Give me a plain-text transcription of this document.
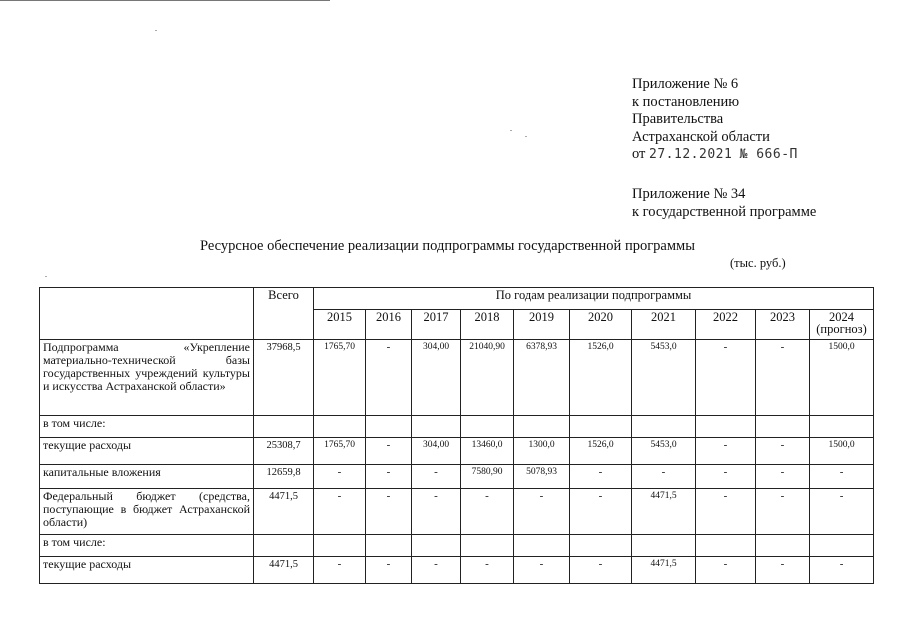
Приложение № 6
к постановлению
Правительства
Астраханской области
от 27.12.2021 № 666-П
Приложение № 34
к государственной программе
Ресурсное обеспечение реализации подпрограммы государственной программы
(тыс. руб.)
	Всего	По годам реализации подпрограммы									
		2015	2016	2017	2018	2019	2020	2021	2022	2023	2024 (прогноз)
Подпрограмма «Укрепление материально-технической базы государственных учреждений культуры и искусства Астраханской области»	37968,5	1765,70	-	304,00	21040,90	6378,93	1526,0	5453,0	-	-	1500,0
в том числе:											
текущие расходы	25308,7	1765,70	-	304,00	13460,0	1300,0	1526,0	5453,0	-	-	1500,0
капитальные вложения	12659,8	-	-	-	7580,90	5078,93	-	-	-	-	-
Федеральный бюджет (средства, поступающие в бюджет Астраханской области)	4471,5	-	-	-	-	-	-	4471,5	-	-	-
в том числе:											
текущие расходы	4471,5	-	-	-	-	-	-	4471,5	-	-	-
